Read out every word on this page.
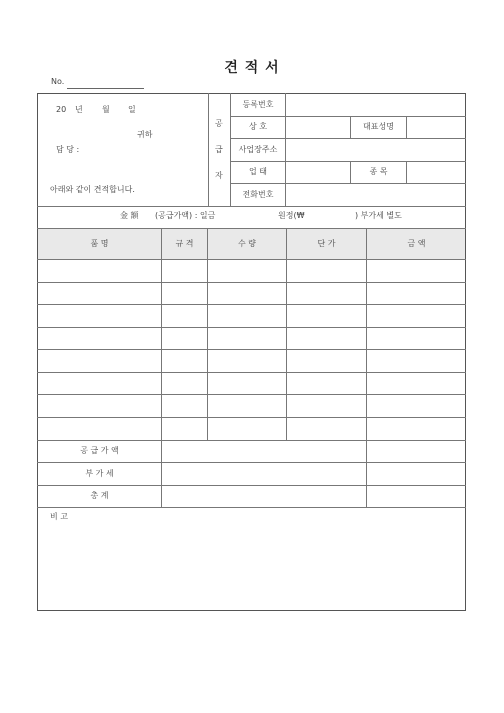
견 적 서
No.
20 년 월 일
귀하
담 당 :
아래와 같이 견적합니다.
공
급
자
등록번호
상 호	대표성명
사업장주소
업 태	종 목
전화번호
金 額 (공급가액) : 일금	원정(₩	) 부가세 별도
품 명	규 격	수 량	단 가	금 액
공 급 가 액
부 가 세
총 계
비 고
